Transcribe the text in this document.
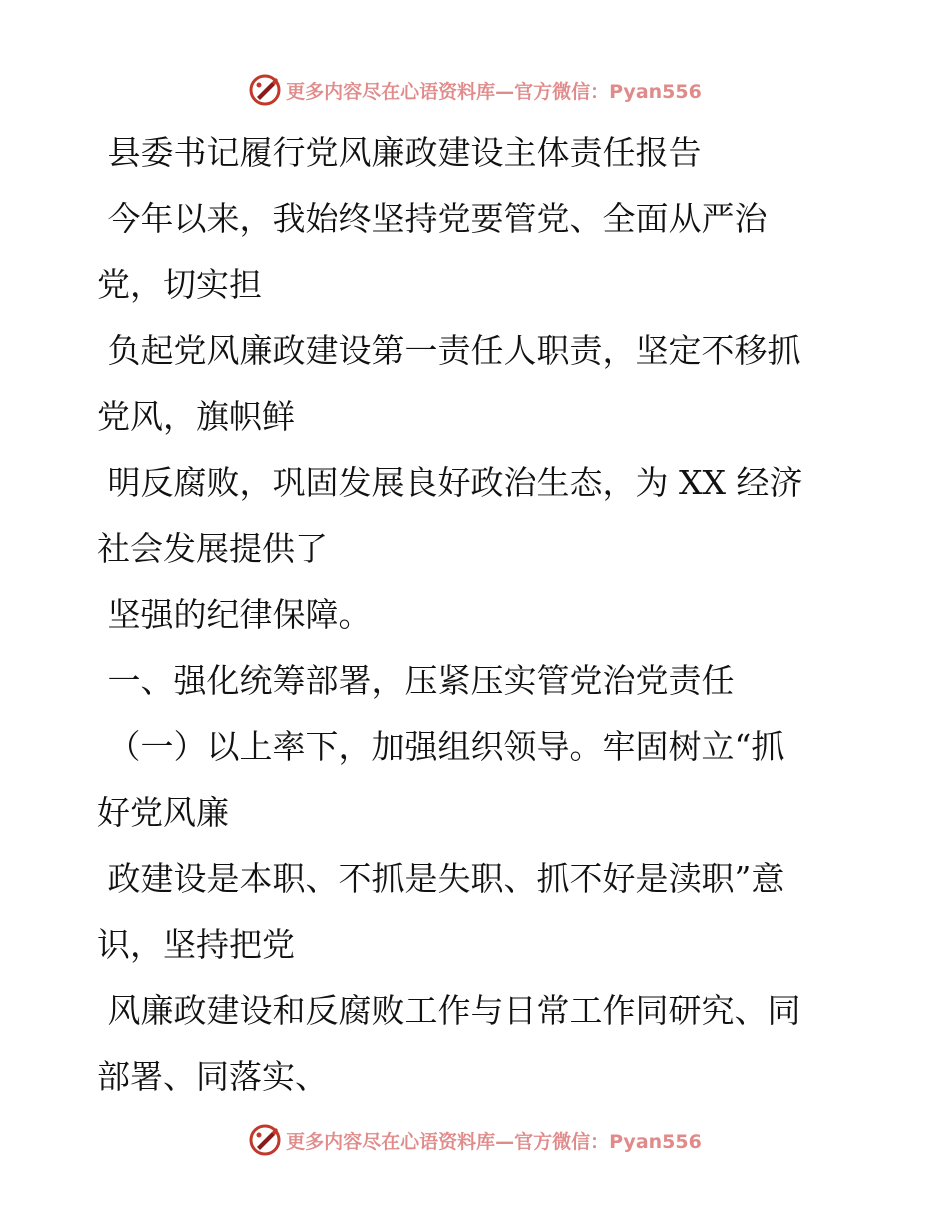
更多内容尽在心语资料库—官方微信：Pyan556

县委书记履行党风廉政建设主体责任报告

今年以来，我始终坚持党要管党、全面从严治

党，切实担

负起党风廉政建设第一责任人职责，坚定不移抓

党风，旗帜鲜

明反腐败，巩固发展良好政治生态，为 XX 经济

社会发展提供了

坚强的纪律保障。

一、强化统筹部署，压紧压实管党治党责任

（一）以上率下，加强组织领导。牢固树立“抓

好党风廉

政建设是本职、不抓是失职、抓不好是渎职”意

识，坚持把党

风廉政建设和反腐败工作与日常工作同研究、同

部署、同落实、

更多内容尽在心语资料库—官方微信：Pyan556
